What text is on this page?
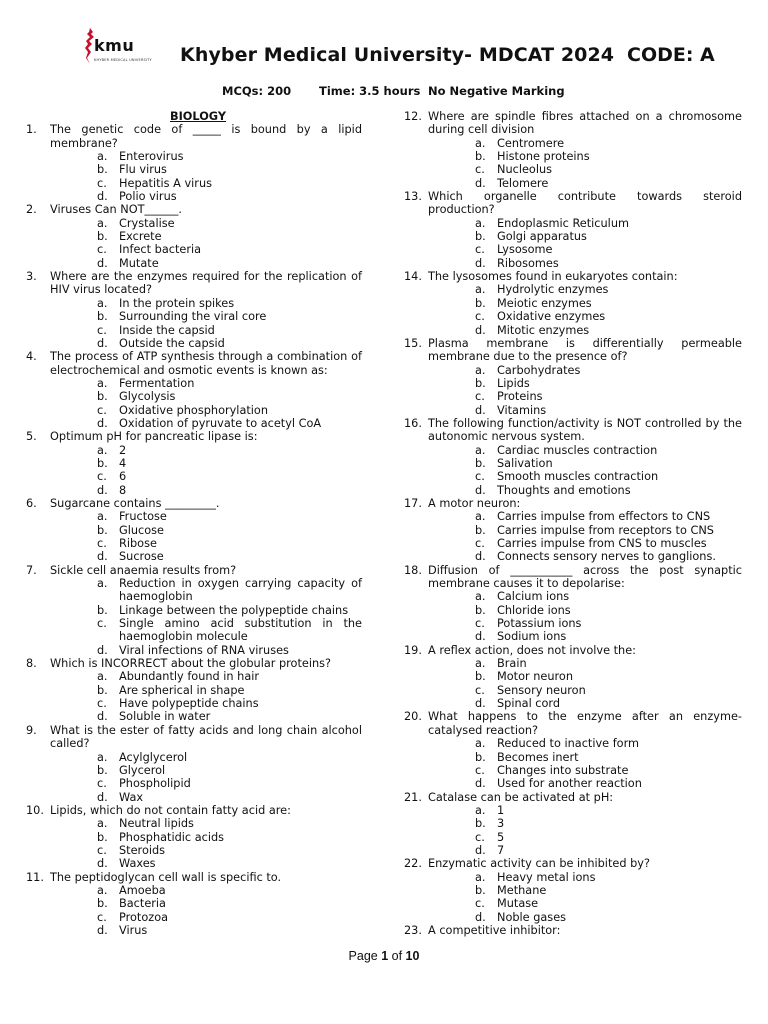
kmu
KHYBER MEDICAL UNIVERSITY Khyber Medical University- MDCAT 2024 CODE: A
MCQs: 200 Time: 3.5 hours No Negative Marking
BIOLOGY
1.	The genetic code of _____ is bound by a lipid membrane?
a.	Enterovirus
b. Flu virus
c.	Hepatitis A virus
d. Polio virus
2.	Viruses Can NOT______.
a.	Crystalise
b. Excrete
c.	Infect bacteria
d. Mutate
3.	Where are the enzymes required for the replication of HIV virus located?
a.	In the protein spikes
b. Surrounding the viral core
c.	Inside the capsid
d. Outside the capsid
4.	The process of ATP synthesis through a combination of electrochemical and osmotic events is known as:
a.	Fermentation
b. Glycolysis
c.	Oxidative phosphorylation
d. Oxidation of pyruvate to acetyl CoA
5.	Optimum pH for pancreatic lipase is:
a.	2
b. 4
c.	6
d. 8
6.	Sugarcane contains _________.
a.	Fructose
b. Glucose
c.	Ribose
d. Sucrose
7.	Sickle cell anaemia results from?
a.	Reduction in oxygen carrying capacity of haemoglobin
b. Linkage between the polypeptide chains
c.	Single amino acid substitution in the haemoglobin molecule
d. Viral infections of RNA viruses
8.	Which is INCORRECT about the globular proteins?
a.	Abundantly found in hair
b. Are spherical in shape
c.	Have polypeptide chains
d. Soluble in water
9.	What is the ester of fatty acids and long chain alcohol called?
a.	Acylglycerol
b. Glycerol
c.	Phospholipid
d. Wax
10. Lipids, which do not contain fatty acid are:
a.	Neutral lipids
b. Phosphatidic acids
c.	Steroids
d. Waxes
11. The peptidoglycan cell wall is specific to.
a.	Amoeba
b. Bacteria
c.	Protozoa
d. Virus
12. Where are spindle fibres attached on a chromosome during cell division
a.	Centromere
b. Histone proteins
c.	Nucleolus
d. Telomere
13. Which organelle contribute towards steroid production?
a.	Endoplasmic Reticulum
b. Golgi apparatus
c.	Lysosome
d. Ribosomes
14. The lysosomes found in eukaryotes contain:
a.	Hydrolytic enzymes
b. Meiotic enzymes
c.	Oxidative enzymes
d. Mitotic enzymes
15. Plasma membrane is differentially permeable membrane due to the presence of?
a.	Carbohydrates
b. Lipids
c.	Proteins
d. Vitamins
16. The following function/activity is NOT controlled by the autonomic nervous system.
a.	Cardiac muscles contraction
b. Salivation
c.	Smooth muscles contraction
d. Thoughts and emotions
17. A motor neuron:
a.	Carries impulse from effectors to CNS
b. Carries impulse from receptors to CNS
c.	Carries impulse from CNS to muscles
d. Connects sensory nerves to ganglions.
18. Diffusion of ___________ across the post synaptic membrane causes it to depolarise:
a.	Calcium ions
b. Chloride ions
c.	Potassium ions
d. Sodium ions
19. A reflex action, does not involve the:
a.	Brain
b. Motor neuron
c.	Sensory neuron
d. Spinal cord
20. What happens to the enzyme after an enzyme-catalysed reaction?
a.	Reduced to inactive form
b. Becomes inert
c.	Changes into substrate
d. Used for another reaction
21. Catalase can be activated at pH:
a.	1
b. 3
c.	5
d. 7
22. Enzymatic activity can be inhibited by?
a.	Heavy metal ions
b. Methane
c.	Mutase
d. Noble gases
23. A competitive inhibitor:
Page 1 of 10
